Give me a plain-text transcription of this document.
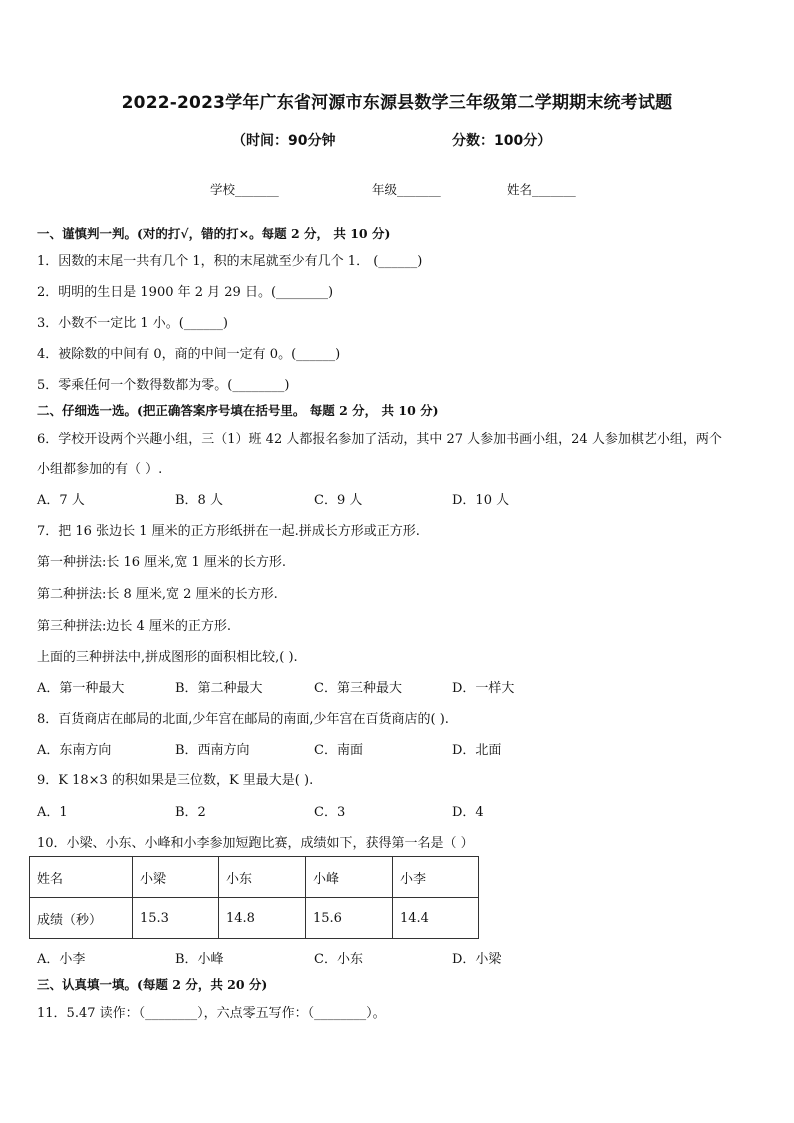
2022-2023学年广东省河源市东源县数学三年级第二学期期末统考试题
（时间：90分钟	分数：100分）
学校_______	年级_______	姓名_______
一、谨慎判一判。(对的打√，错的打×。每题 2 分， 共 10 分)
1．因数的末尾一共有几个 1，积的末尾就至少有几个 1． (______)
2．明明的生日是 1900 年 2 月 29 日。(________)
3．小数不一定比 1 小。(______)
4．被除数的中间有 0，商的中间一定有 0。(______)
5．零乘任何一个数得数都为零。(________)
二、仔细选一选。(把正确答案序号填在括号里。 每题 2 分， 共 10 分)
6．学校开设两个兴趣小组，三（1）班 42 人都报名参加了活动，其中 27 人参加书画小组，24 人参加棋艺小组，两个
小组都参加的有（ ）.
A．7 人	B．8 人	C．9 人	D．10 人
7．把 16 张边长 1 厘米的正方形纸拼在一起.拼成长方形或正方形.
第一种拼法:长 16 厘米,宽 1 厘米的长方形.
第二种拼法:长 8 厘米,宽 2 厘米的长方形.
第三种拼法:边长 4 厘米的正方形.
上面的三种拼法中,拼成图形的面积相比较,( ).
A．第一种最大	B．第二种最大	C．第三种最大	D．一样大
8．百货商店在邮局的北面,少年宫在邮局的南面,少年宫在百货商店的( ).
A．东南方向	B．西南方向	C．南面	D．北面
9．K 18×3 的积如果是三位数，K 里最大是( ).
A．1	B．2	C．3	D．4
10．小梁、小东、小峰和小李参加短跑比赛，成绩如下，获得第一名是（ ）
姓名	小梁	小东	小峰	小李
成绩（秒）	15.3	14.8	15.6	14.4
A．小李	B．小峰	C．小东	D．小梁
三、认真填一填。(每题 2 分，共 20 分)
11．5.47 读作：（________），六点零五写作：（________）。
